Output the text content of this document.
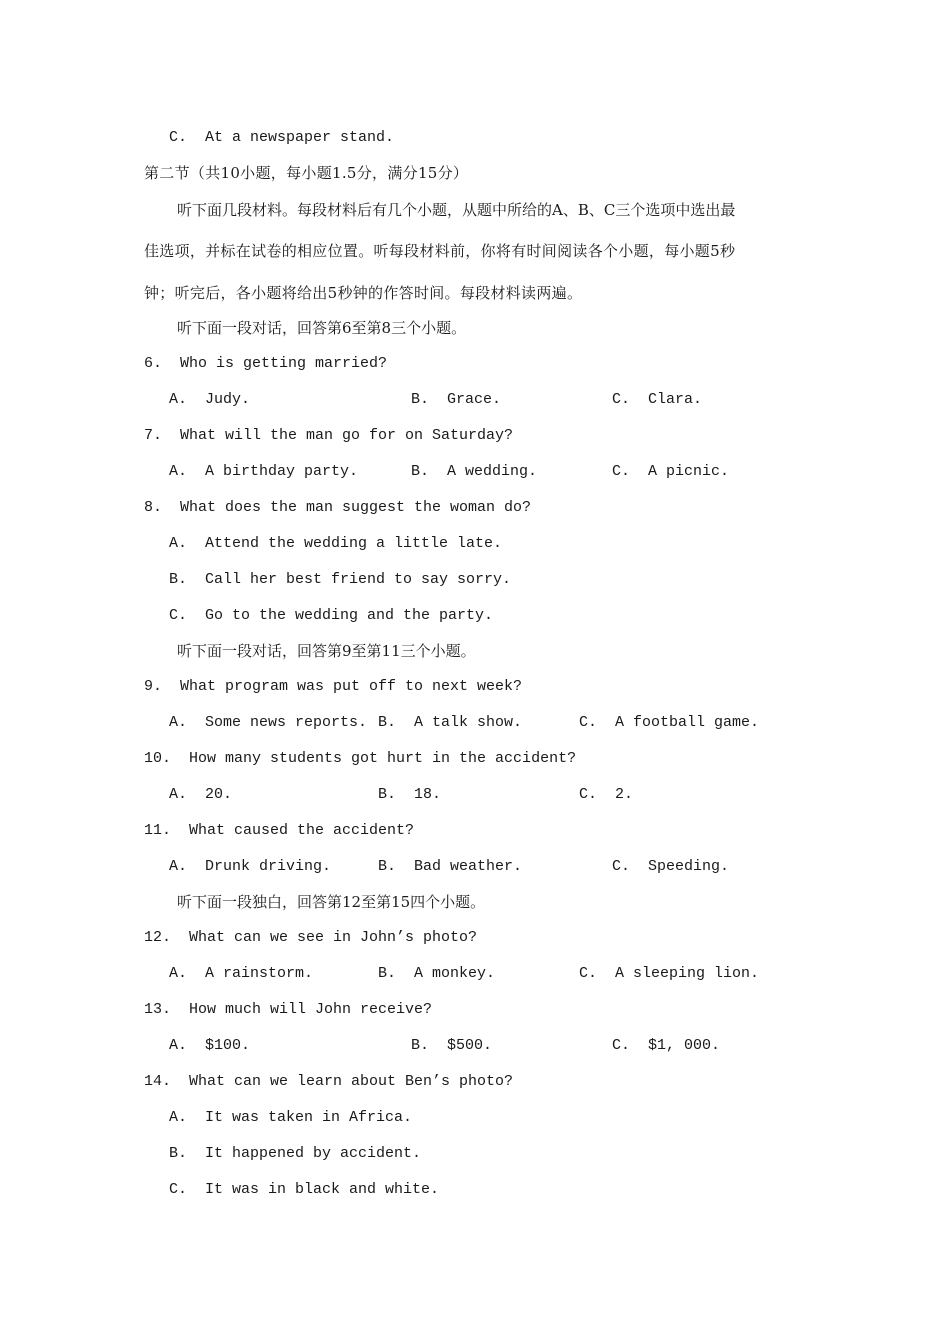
C.  At a newspaper stand.
第二节（共10小题，每小题1.5分，满分15分）
听下面几段材料。每段材料后有几个小题，从题中所给的A、B、C三个选项中选出最
佳选项，并标在试卷的相应位置。听每段材料前，你将有时间阅读各个小题，每小题5秒
钟；听完后，各小题将给出5秒钟的作答时间。每段材料读两遍。
听下面一段对话，回答第6至第8三个小题。
6.  Who is getting married?
A.  Judy.	B.  Grace.	C.  Clara.
7.  What will the man go for on Saturday?
A.  A birthday party.	B.  A wedding.	C.  A picnic.
8.  What does the man suggest the woman do?
A.  Attend the wedding a little late.
B.  Call her best friend to say sorry.
C.  Go to the wedding and the party.
听下面一段对话，回答第9至第11三个小题。
9.  What program was put off to next week?
A.  Some news reports. B.  A talk show.	C.  A football game.
10.  How many students got hurt in the accident?
A.  20.	B.  18.	C.  2.
11.  What caused the accident?
A.  Drunk driving.	B.  Bad weather.	C.  Speeding.
听下面一段独白，回答第12至第15四个小题。
12.  What can we see in John’s photo?
A.  A rainstorm.	B.  A monkey.	C.  A sleeping lion.
13.  How much will John receive?
A.  $100.	B.  $500.	C.  $1, 000.
14.  What can we learn about Ben’s photo?
A.  It was taken in Africa.
B.  It happened by accident.
C.  It was in black and white.
